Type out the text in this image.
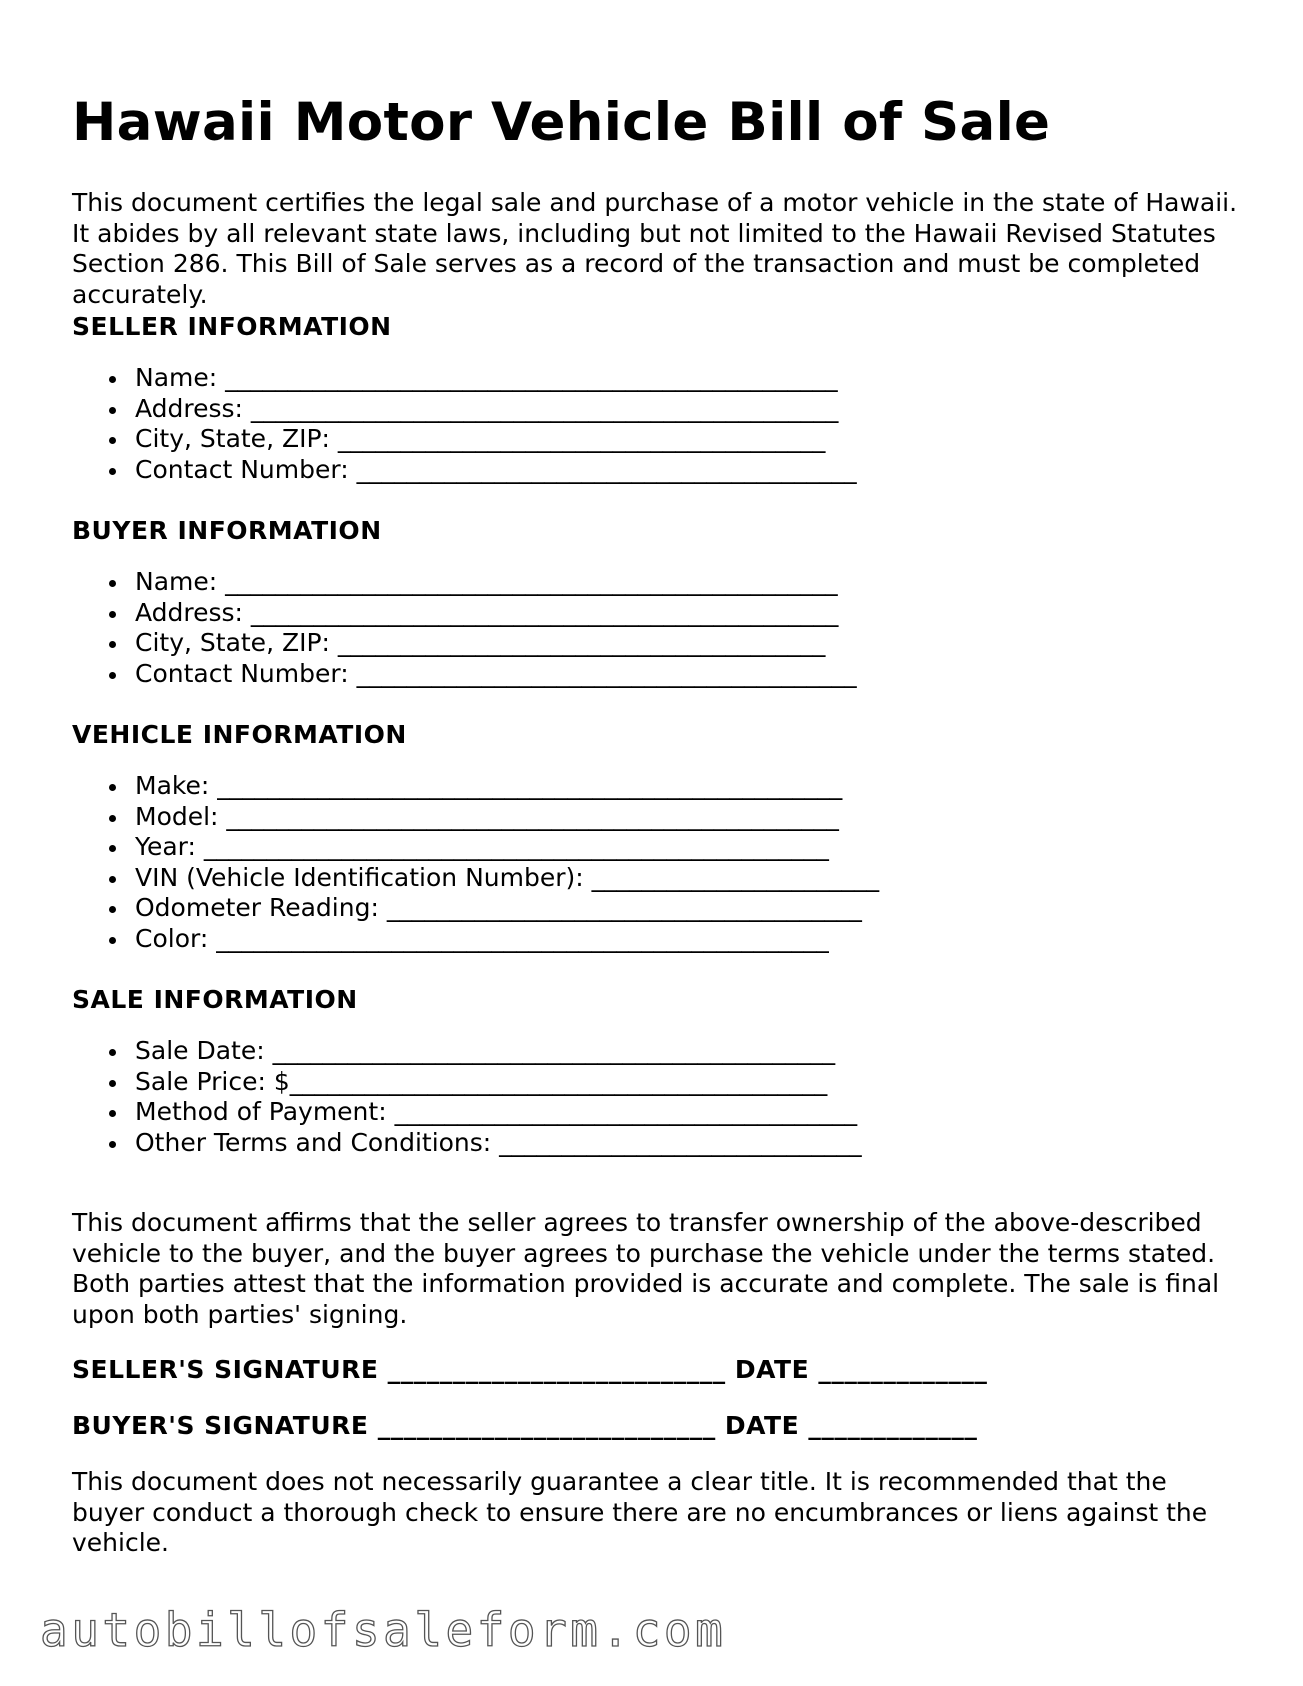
Hawaii Motor Vehicle Bill of Sale

This document certifies the legal sale and purchase of a motor vehicle in the state of Hawaii. It abides by all relevant state laws, including but not limited to the Hawaii Revised Statutes Section 286. This Bill of Sale serves as a record of the transaction and must be completed accurately.

SELLER INFORMATION
Name: _________________________________________________
Address: _______________________________________________
City, State, ZIP: _______________________________________
Contact Number: ________________________________________
BUYER INFORMATION
Name: _________________________________________________
Address: _______________________________________________
City, State, ZIP: _______________________________________
Contact Number: ________________________________________
VEHICLE INFORMATION
Make: __________________________________________________
Model: _________________________________________________
Year: __________________________________________________
VIN (Vehicle Identification Number): _______________________
Odometer Reading: ______________________________________
Color: _________________________________________________
SALE INFORMATION
Sale Date: _____________________________________________
Sale Price: $___________________________________________
Method of Payment: _____________________________________
Other Terms and Conditions: _____________________________

This document affirms that the seller agrees to transfer ownership of the above-described vehicle to the buyer, and the buyer agrees to purchase the vehicle under the terms stated. Both parties attest that the information provided is accurate and complete. The sale is final upon both parties' signing.

SELLER'S SIGNATURE __________________________ DATE _____________
BUYER'S SIGNATURE __________________________ DATE _____________

This document does not necessarily guarantee a clear title. It is recommended that the buyer conduct a thorough check to ensure there are no encumbrances or liens against the vehicle.

autobillofsaleform.com
